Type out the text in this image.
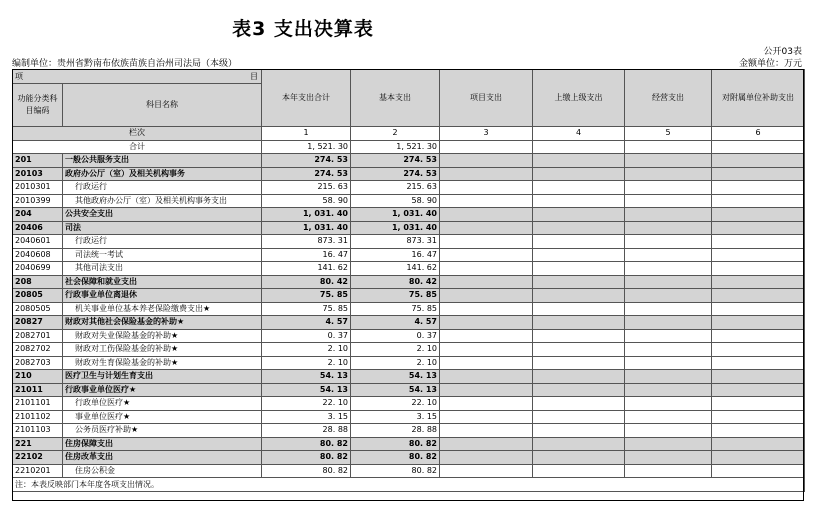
表3 支出决算表
公开03表
编制单位：贵州省黔南布依族苗族自治州司法局（本级）	金额单位：万元
项 目		本年支出合计	基本支出	项目支出	上缴上级支出	经营支出	对附属单位补助支出
功能分类科目编码	科目名称						
栏次		1	2	3	4	5	6
合计		1, 521. 30	1, 521. 30				
201	一般公共服务支出	274. 53	274. 53				
20103	政府办公厅（室）及相关机构事务	274. 53	274. 53				
2010301	行政运行	215. 63	215. 63				
2010399	其他政府办公厅（室）及相关机构事务支出	58. 90	58. 90				
204	公共安全支出	1, 031. 40	1, 031. 40				
20406	司法	1, 031. 40	1, 031. 40				
2040601	行政运行	873. 31	873. 31				
2040608	司法统一考试	16. 47	16. 47				
2040699	其他司法支出	141. 62	141. 62				
208	社会保障和就业支出	80. 42	80. 42				
20805	行政事业单位离退休	75. 85	75. 85				
2080505	机关事业单位基本养老保险缴费支出★	75. 85	75. 85				
20827	财政对其他社会保险基金的补助★	4. 57	4. 57				
2082701	财政对失业保险基金的补助★	0. 37	0. 37				
2082702	财政对工伤保险基金的补助★	2. 10	2. 10				
2082703	财政对生育保险基金的补助★	2. 10	2. 10				
210	医疗卫生与计划生育支出	54. 13	54. 13				
21011	行政事业单位医疗★	54. 13	54. 13				
2101101	行政单位医疗★	22. 10	22. 10				
2101102	事业单位医疗★	3. 15	3. 15				
2101103	公务员医疗补助★	28. 88	28. 88				
221	住房保障支出	80. 82	80. 82				
22102	住房改革支出	80. 82	80. 82				
2210201	住房公积金	80. 82	80. 82				
注：本表反映部门本年度各项支出情况。							
